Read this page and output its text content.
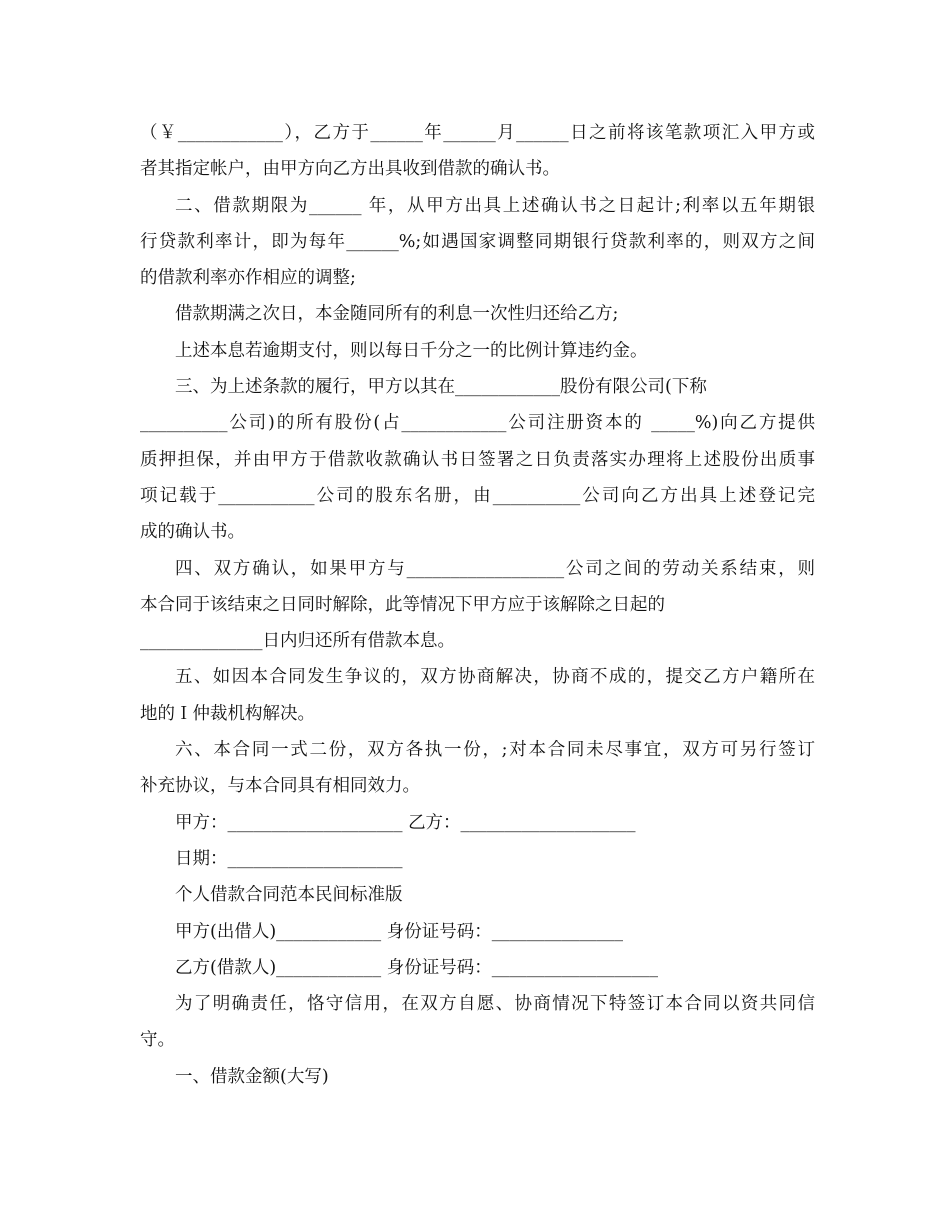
（￥____________），乙方于______年______月______日之前将该笔款项汇入甲方或
者其指定帐户，由甲方向乙方出具收到借款的确认书。
二、借款期限为______ 年，从甲方出具上述确认书之日起计;利率以五年期银
行贷款利率计，即为每年______%;如遇国家调整同期银行贷款利率的，则双方之间
的借款利率亦作相应的调整;
借款期满之次日，本金随同所有的利息一次性归还给乙方;
上述本息若逾期支付，则以每日千分之一的比例计算违约金。
三、为上述条款的履行，甲方以其在____________股份有限公司(下称
__________公司)的所有股份(占____________公司注册资本的 _____%)向乙方提供
质押担保，并由甲方于借款收款确认书日签署之日负责落实办理将上述股份出质事
项记载于___________公司的股东名册，由__________公司向乙方出具上述登记完
成的确认书。
四、双方确认，如果甲方与__________________公司之间的劳动关系结束，则
本合同于该结束之日同时解除，此等情况下甲方应于该解除之日起的
______________日内归还所有借款本息。
五、如因本合同发生争议的，双方协商解决，协商不成的，提交乙方户籍所在
地的Ｉ仲裁机构解决。
六、本合同一式二份，双方各执一份，;对本合同未尽事宜，双方可另行签订
补充协议，与本合同具有相同效力。
甲方：____________________ 乙方：____________________
日期：____________________
个人借款合同范本民间标准版
甲方(出借人)____________ 身份证号码：_______________
乙方(借款人)____________ 身份证号码：___________________
为了明确责任，恪守信用，在双方自愿、协商情况下特签订本合同以资共同信
守。
一、借款金额(大写)
